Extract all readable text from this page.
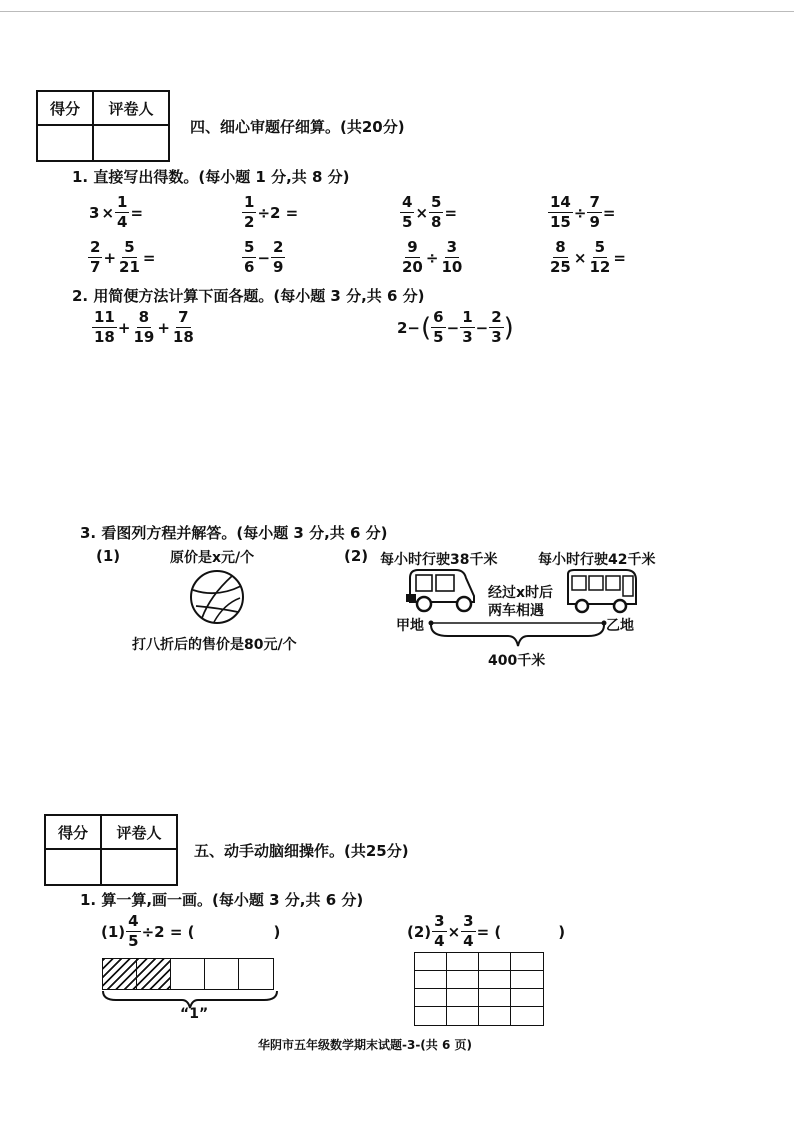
得分	评卷人

四、细心审题仔细算。(共20分)
1. 直接写出得数。(每小题 1 分,共 8 分)
$3 \times \frac{1}{4}$ =	$\frac{1}{2} \div 2$ =	$\frac{4}{5} \times \frac{5}{8}$ =	$\frac{14}{15} \div \frac{7}{9}$ =
$\frac{2}{7} + \frac{5}{21}$ =	$\frac{5}{6} - \frac{2}{9}$	$\frac{9}{20} \div \frac{3}{10}$	$\frac{8}{25} \times \frac{5}{12}$ =
2. 用简便方法计算下面各题。(每小题 3 分,共 6 分)
$\frac{11}{18} + \frac{8}{19} + \frac{7}{18}$	2− ( $\frac{6}{5} - \frac{1}{3} - \frac{2}{3}$ )
3. 看图列方程并解答。(每小题 3 分,共 6 分)
(1)	原价是x元/个
打八折后的售价是80元/个
(2) 每小时行驶38千米	每小时行驶42千米
经过x时后
两车相遇
甲地	乙地
400千米
得分	评卷人

五、动手动脑细操作。(共25分)
1. 算一算,画一画。(每小题 3 分,共 6 分)
$(1) \frac{4}{5} \div 2$ = (	)
“1”
$(2) \frac{3}{4} \times \frac{3}{4}$ = (	)
华阴市五年级数学期末试题-3-(共 6 页)
